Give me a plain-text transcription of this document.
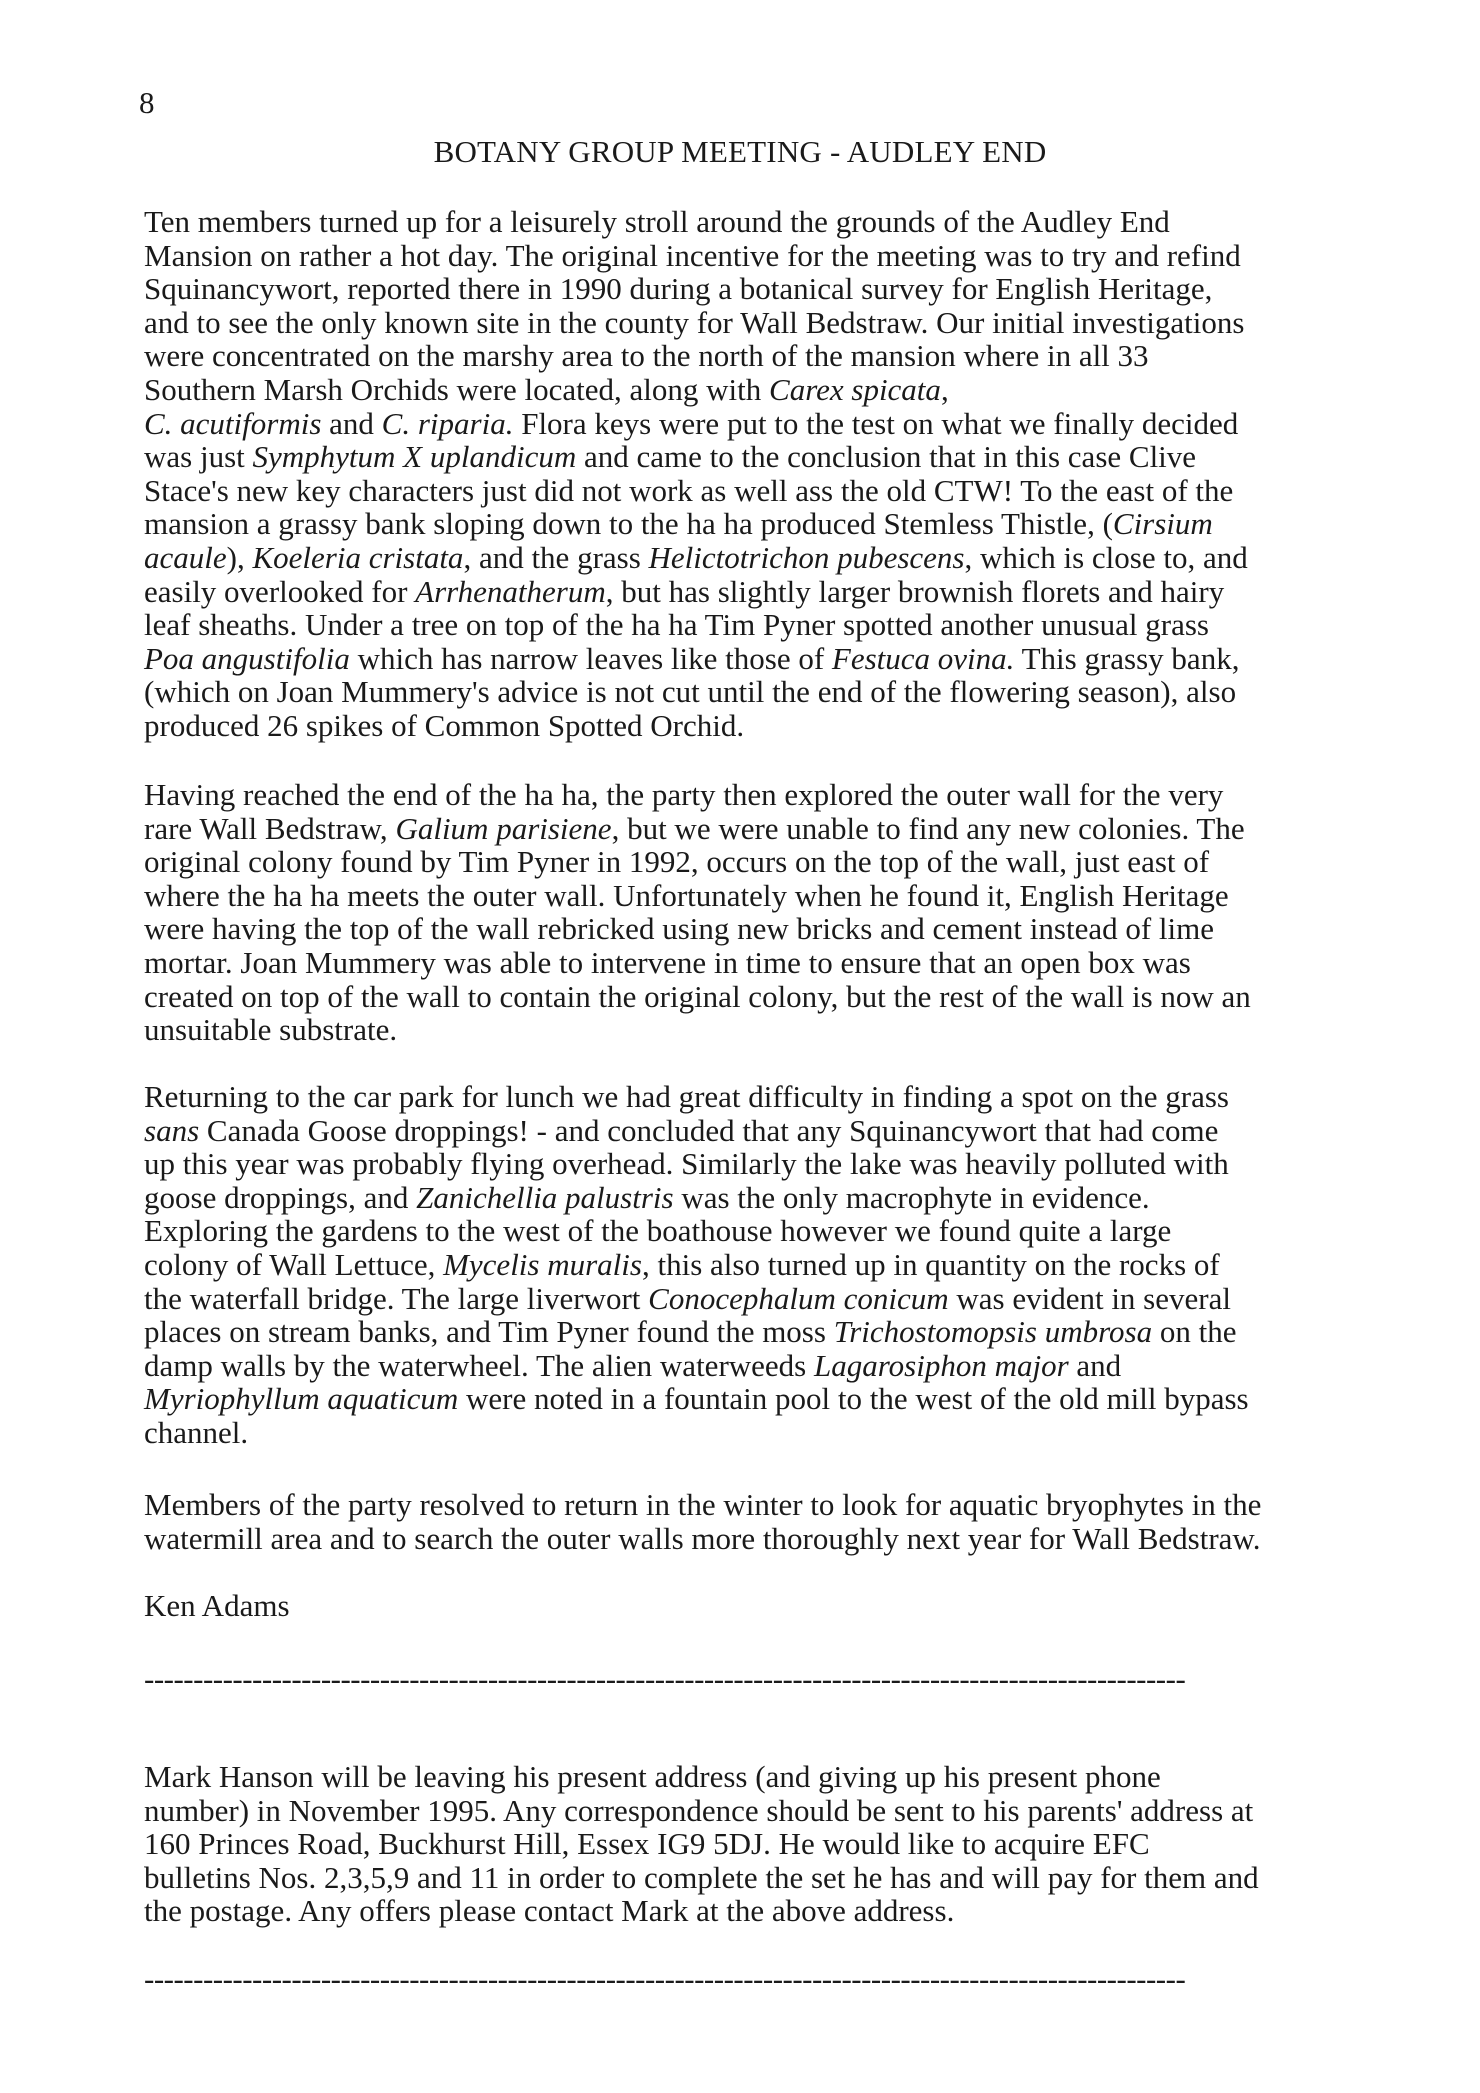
8
BOTANY GROUP MEETING - AUDLEY END
Ten members turned up for a leisurely stroll around the grounds of the Audley End
Mansion on rather a hot day. The original incentive for the meeting was to try and refind
Squinancywort, reported there in 1990 during a botanical survey for English Heritage,
and to see the only known site in the county for Wall Bedstraw. Our initial investigations
were concentrated on the marshy area to the north of the mansion where in all 33
Southern Marsh Orchids were located, along with Carex spicata,
C. acutiformis and C. riparia. Flora keys were put to the test on what we finally decided
was just Symphytum X uplandicum and came to the conclusion that in this case Clive
Stace's new key characters just did not work as well ass the old CTW! To the east of the
mansion a grassy bank sloping down to the ha ha produced Stemless Thistle, (Cirsium
acaule), Koeleria cristata, and the grass Helictotrichon pubescens, which is close to, and
easily overlooked for Arrhenatherum, but has slightly larger brownish florets and hairy
leaf sheaths. Under a tree on top of the ha ha Tim Pyner spotted another unusual grass
Poa angustifolia which has narrow leaves like those of Festuca ovina. This grassy bank,
(which on Joan Mummery's advice is not cut until the end of the flowering season), also
produced 26 spikes of Common Spotted Orchid.
Having reached the end of the ha ha, the party then explored the outer wall for the very
rare Wall Bedstraw, Galium parisiene, but we were unable to find any new colonies. The
original colony found by Tim Pyner in 1992, occurs on the top of the wall, just east of
where the ha ha meets the outer wall. Unfortunately when he found it, English Heritage
were having the top of the wall rebricked using new bricks and cement instead of lime
mortar. Joan Mummery was able to intervene in time to ensure that an open box was
created on top of the wall to contain the original colony, but the rest of the wall is now an
unsuitable substrate.
Returning to the car park for lunch we had great difficulty in finding a spot on the grass
sans Canada Goose droppings! - and concluded that any Squinancywort that had come
up this year was probably flying overhead. Similarly the lake was heavily polluted with
goose droppings, and Zanichellia palustris was the only macrophyte in evidence.
Exploring the gardens to the west of the boathouse however we found quite a large
colony of Wall Lettuce, Mycelis muralis, this also turned up in quantity on the rocks of
the waterfall bridge. The large liverwort Conocephalum conicum was evident in several
places on stream banks, and Tim Pyner found the moss Trichostomopsis umbrosa on the
damp walls by the waterwheel. The alien waterweeds Lagarosiphon major and
Myriophyllum aquaticum were noted in a fountain pool to the west of the old mill bypass
channel.
Members of the party resolved to return in the winter to look for aquatic bryophytes in the
watermill area and to search the outer walls more thoroughly next year for Wall Bedstraw.
Ken Adams
----------------------------------------------------------------------------------------------------------
Mark Hanson will be leaving his present address (and giving up his present phone
number) in November 1995. Any correspondence should be sent to his parents' address at
160 Princes Road, Buckhurst Hill, Essex IG9 5DJ. He would like to acquire EFC
bulletins Nos. 2,3,5,9 and 11 in order to complete the set he has and will pay for them and
the postage. Any offers please contact Mark at the above address.
----------------------------------------------------------------------------------------------------------
